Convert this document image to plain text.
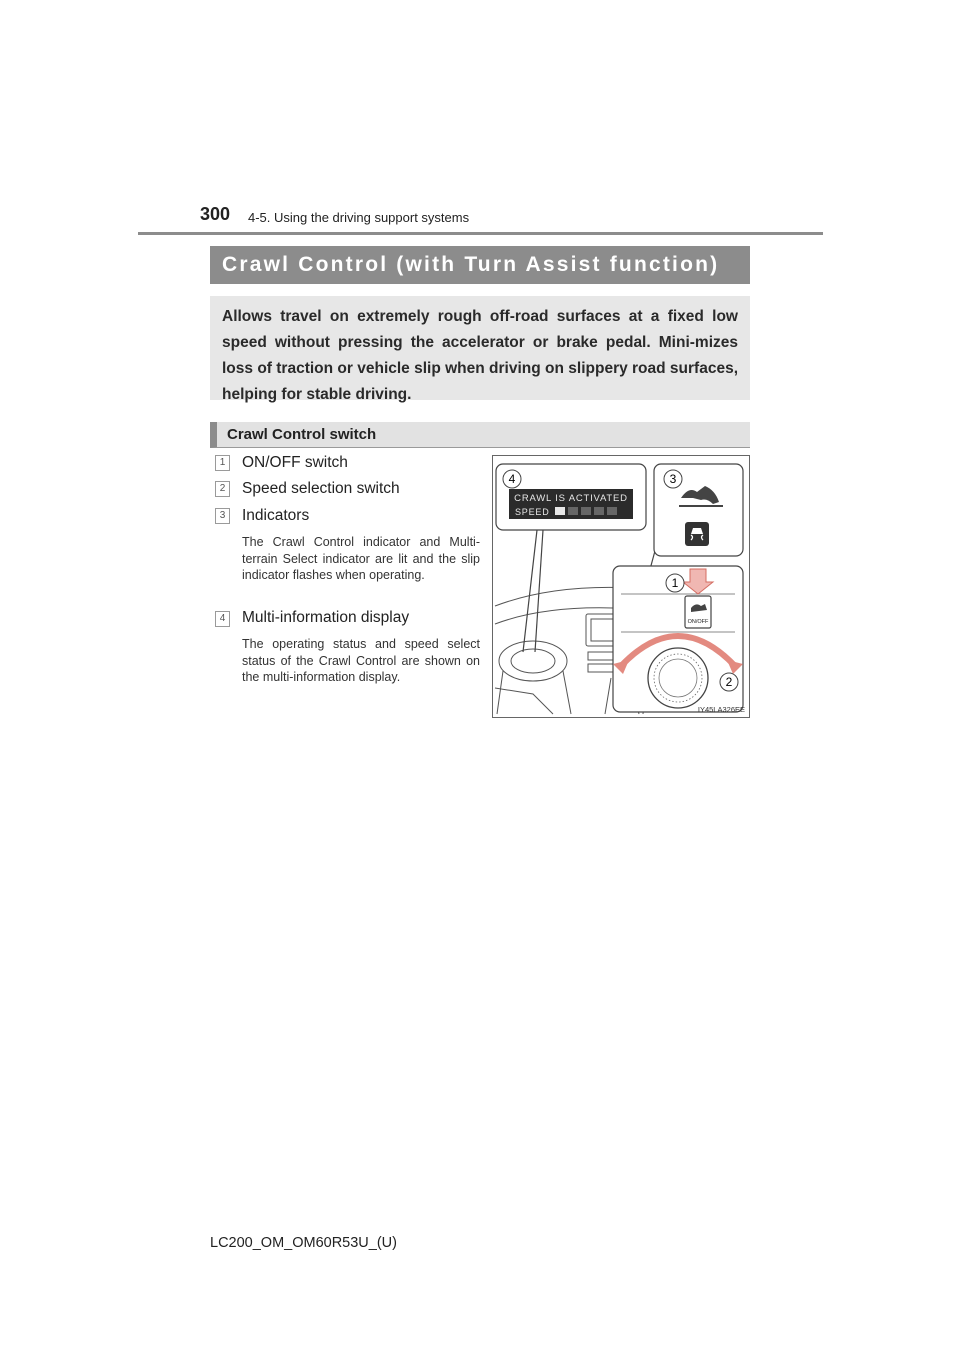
300 4-5. Using the driving support systems
Crawl Control (with Turn Assist function)
Allows travel on extremely rough off-road surfaces at a fixed low speed without pressing the accelerator or brake pedal. Mini-mizes loss of traction or vehicle slip when driving on slippery road surfaces, helping for stable driving.
Crawl Control switch
1	ON/OFF switch
2	Speed selection switch
3	Indicators
The Crawl Control indicator and Multi-terrain Select indicator are lit and the slip indicator flashes when operating.
4	Multi-information display
The operating status and speed select status of the Crawl Control are shown on the multi-information display.
CRAWL IS ACTIVATED
SPEED
ON/OFF
4	3
1
2
IY45LA326EE
LC200_OM_OM60R53U_(U)
